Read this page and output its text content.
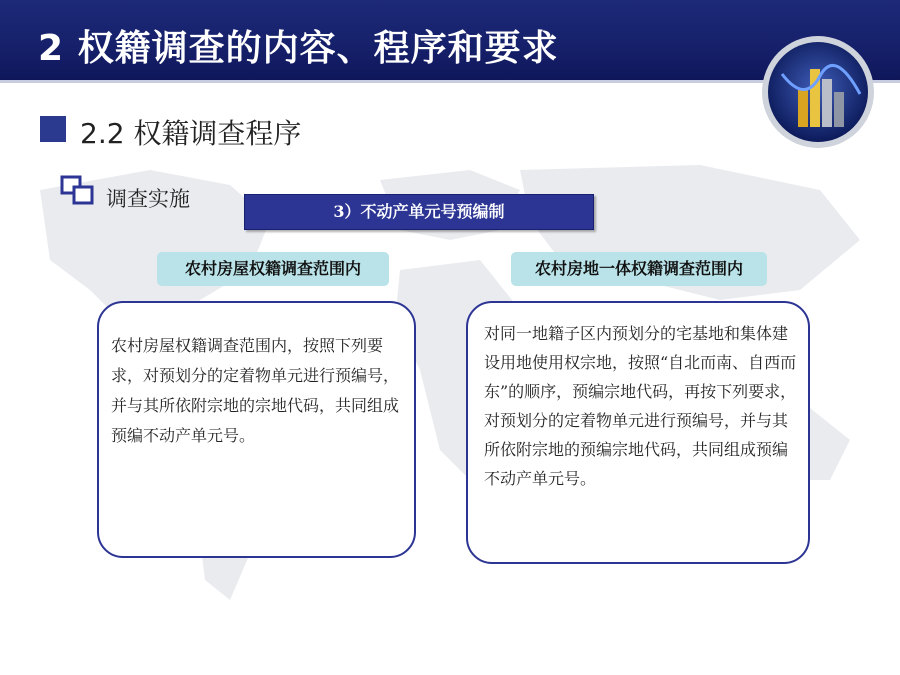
2 权籍调查的内容、程序和要求
2.2 权籍调查程序
调查实施
3）不动产单元号预编制
农村房屋权籍调查范围内	农村房地一体权籍调查范围内
农村房屋权籍调查范围内，按照下列要求，对预划分的定着物单元进行预编号，并与其所依附宗地的宗地代码，共同组成预编不动产单元号。
对同一地籍子区内预划分的宅基地和集体建设用地使用权宗地，按照“自北而南、自西而东”的顺序，预编宗地代码，再按下列要求，对预划分的定着物单元进行预编号，并与其所依附宗地的预编宗地代码，共同组成预编不动产单元号。
